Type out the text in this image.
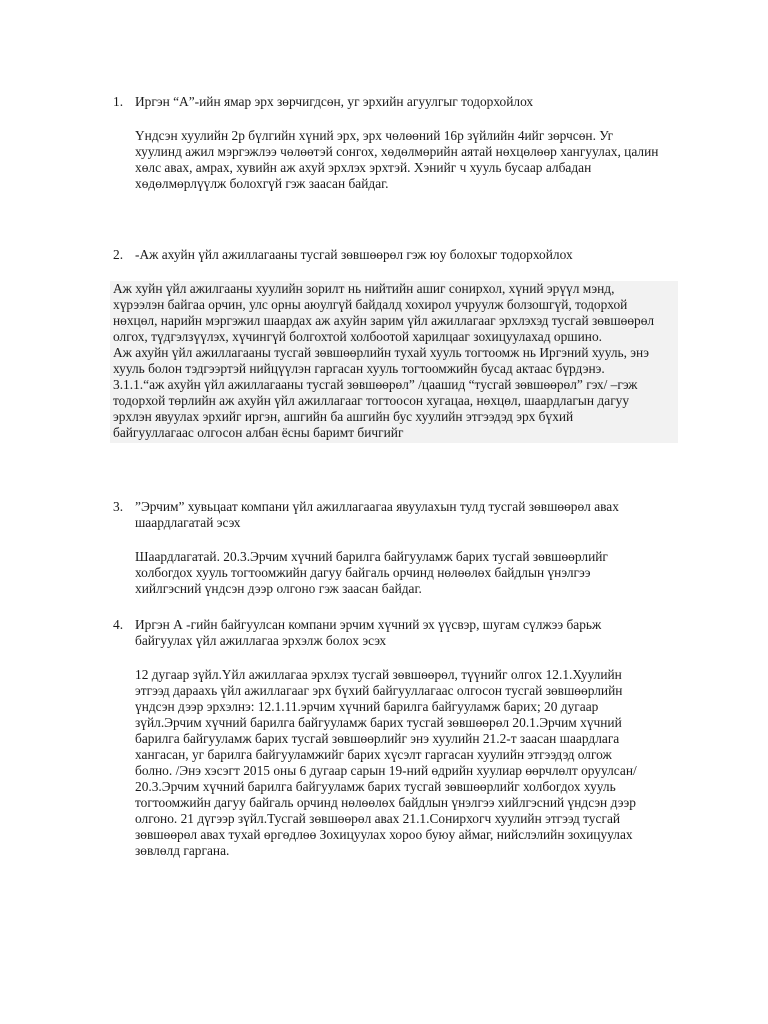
1. Иргэн “А”-ийн ямар эрх зөрчигдсөн, уг эрхийн агуулгыг тодорхойлох
Үндсэн хуулийн 2р бүлгийн хүний эрх, эрх чөлөөний 16р зүйлийн 4ийг зөрчсөн. Уг
хуулинд ажил мэргэжлээ чөлөөтэй сонгох, хөдөлмөрийн аятай нөхцөлөөр хангуулах, цалин
хөлс авах, амрах, хувийн аж ахуй эрхлэх эрхтэй. Хэнийг ч хууль бусаар албадан
хөдөлмөрлүүлж болохгүй гэж заасан байдаг.
2. -Аж ахуйн үйл ажиллагааны тусгай зөвшөөрөл гэж юу болохыг тодорхойлох
Аж хуйн үйл ажилгааны хуулийн зорилт нь нийтийн ашиг сонирхол, хүний эрүүл мэнд,
хүрээлэн байгаа орчин, улс орны аюулгүй байдалд хохирол учруулж болзошгүй, тодорхой
нөхцөл, нарийн мэргэжил шаардах аж ахуйн зарим үйл ажиллагааг эрхлэхэд тусгай зөвшөөрөл
олгох, түдгэлзүүлэх, хүчингүй болгохтой холбоотой харилцааг зохицуулахад оршино.
Аж ахуйн үйл ажиллагааны тусгай зөвшөөрлийн тухай хууль тогтоомж нь Иргэний хууль, энэ
хууль болон тэдгээртэй нийцүүлэн гаргасан хууль тогтоомжийн бусад актаас бүрдэнэ.
3.1.1.“аж ахуйн үйл ажиллагааны тусгай зөвшөөрөл” /цаашид “тусгай зөвшөөрөл” гэх/ –гэж
тодорхой төрлийн аж ахуйн үйл ажиллагааг тогтоосон хугацаа, нөхцөл, шаардлагын дагуу
эрхлэн явуулах эрхийг иргэн, ашгийн ба ашгийн бус хуулийн этгээдэд эрх бүхий
байгууллагаас олгосон албан ёсны баримт бичгийг
3. ”Эрчим” хувьцаат компани үйл ажиллагаагаа явуулахын тулд тусгай зөвшөөрөл авах
шаардлагатай эсэх
Шаардлагатай. 20.3.Эрчим хүчний барилга байгууламж барих тусгай зөвшөөрлийг
холбогдох хууль тогтоомжийн дагуу байгаль орчинд нөлөөлөх байдлын үнэлгээ
хийлгэсний үндсэн дээр олгоно гэж заасан байдаг.
4. Иргэн А -гийн байгуулсан компани эрчим хүчний эх үүсвэр, шугам сүлжээ барьж
байгуулах үйл ажиллагаа эрхэлж болох эсэх
12 дугаар зүйл.Үйл ажиллагаа эрхлэх тусгай зөвшөөрөл, түүнийг олгох 12.1.Хуулийн
этгээд дараахь үйл ажиллагааг эрх бүхий байгууллагаас олгосон тусгай зөвшөөрлийн
үндсэн дээр эрхэлнэ: 12.1.11.эрчим хүчний барилга байгууламж барих; 20 дугаар
зүйл.Эрчим хүчний барилга байгууламж барих тусгай зөвшөөрөл 20.1.Эрчим хүчний
барилга байгууламж барих тусгай зөвшөөрлийг энэ хуулийн 21.2-т заасан шаардлага
хангасан, уг барилга байгууламжийг барих хүсэлт гаргасан хуулийн этгээдэд олгож
болно. /Энэ хэсэгт 2015 оны 6 дугаар сарын 19-ний өдрийн хуулиар өөрчлөлт оруулсан/
20.3.Эрчим хүчний барилга байгууламж барих тусгай зөвшөөрлийг холбогдох хууль
тогтоомжийн дагуу байгаль орчинд нөлөөлөх байдлын үнэлгээ хийлгэсний үндсэн дээр
олгоно. 21 дүгээр зүйл.Тусгай зөвшөөрөл авах 21.1.Сонирхогч хуулийн этгээд тусгай
зөвшөөрөл авах тухай өргөдлөө Зохицуулах хороо буюу аймаг, нийслэлийн зохицуулах
зөвлөлд гаргана.
